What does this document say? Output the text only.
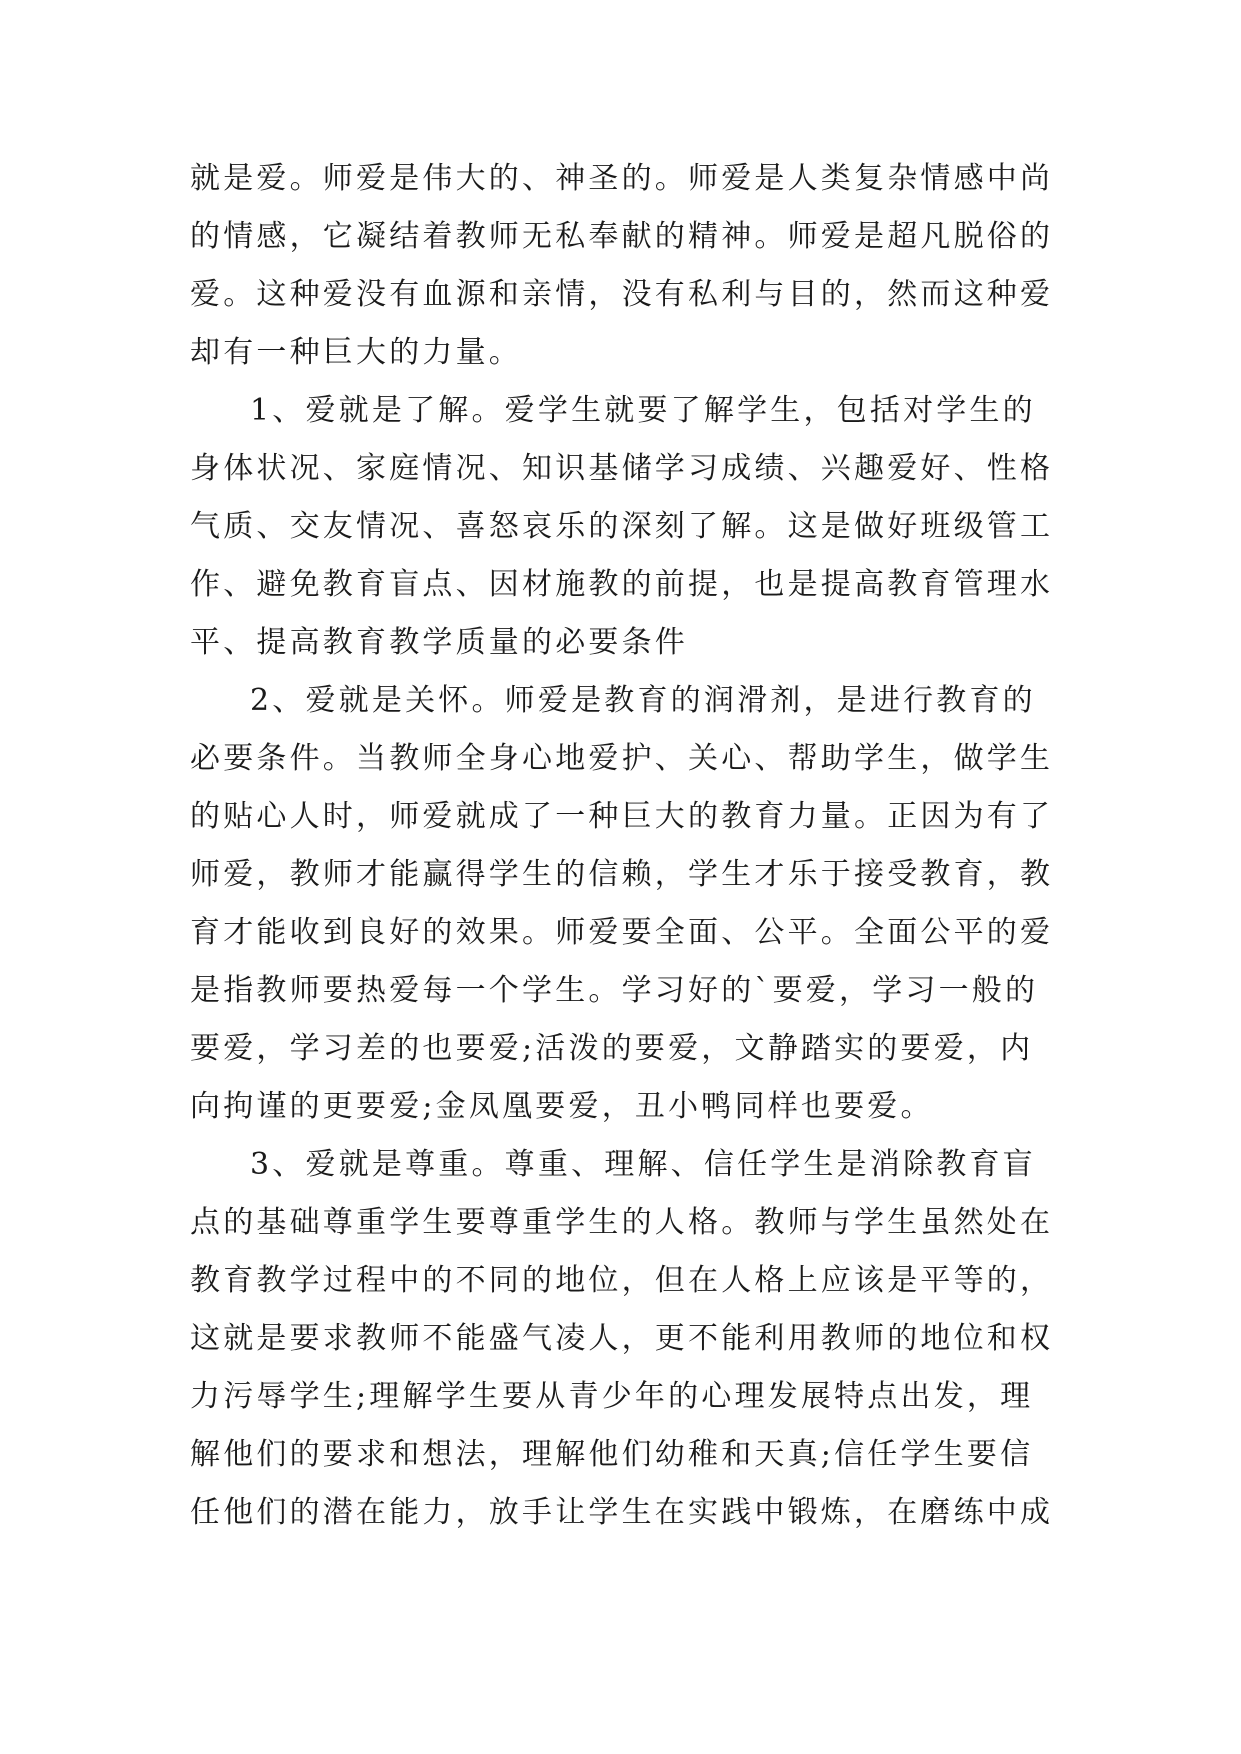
就是爱。师爱是伟大的、神圣的。师爱是人类复杂情感中尚
的情感，它凝结着教师无私奉献的精神。师爱是超凡脱俗的
爱。这种爱没有血源和亲情，没有私利与目的，然而这种爱
却有一种巨大的力量。
1、爱就是了解。爱学生就要了解学生，包括对学生的
身体状况、家庭情况、知识基储学习成绩、兴趣爱好、性格
气质、交友情况、喜怒哀乐的深刻了解。这是做好班级管工
作、避免教育盲点、因材施教的前提，也是提高教育管理水
平、提高教育教学质量的必要条件
2、爱就是关怀。师爱是教育的润滑剂，是进行教育的
必要条件。当教师全身心地爱护、关心、帮助学生，做学生
的贴心人时，师爱就成了一种巨大的教育力量。正因为有了
师爱，教师才能赢得学生的信赖，学生才乐于接受教育，教
育才能收到良好的效果。师爱要全面、公平。全面公平的爱
是指教师要热爱每一个学生。学习好的`要爱，学习一般的
要爱，学习差的也要爱;活泼的要爱，文静踏实的要爱，内
向拘谨的更要爱;金凤凰要爱，丑小鸭同样也要爱。
3、爱就是尊重。尊重、理解、信任学生是消除教育盲
点的基础尊重学生要尊重学生的人格。教师与学生虽然处在
教育教学过程中的不同的地位，但在人格上应该是平等的，
这就是要求教师不能盛气凌人，更不能利用教师的地位和权
力污辱学生;理解学生要从青少年的心理发展特点出发，理
解他们的要求和想法，理解他们幼稚和天真;信任学生要信
任他们的潜在能力，放手让学生在实践中锻炼，在磨练中成
